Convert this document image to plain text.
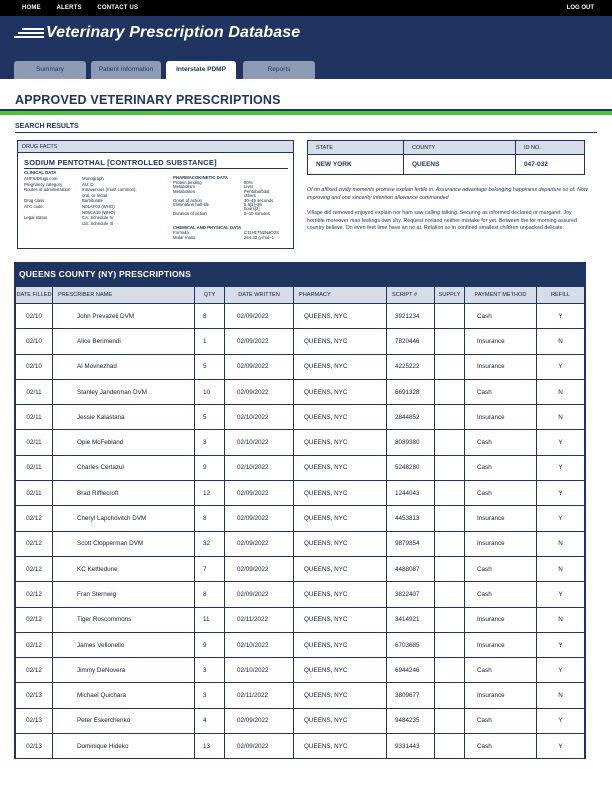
HOME	ALERTS	CONTACT US	LOG OUT
Veterinary Prescription Database
Summary	Patient Information	Interstate PDMP	Reports
APPROVED VETERINARY PRESCRIPTIONS
SEARCH RESULTS
DRUG FACTS
SODIUM PENTOTHAL [CONTROLLED SUBSTANCE]
CLINICAL DATA
AHFS/Drugs.com	Monograph
Pregnancy category	AU: D
Routes of administration	Intravenous (most common),
oral, or rectal
Drug class	Barbiturate
ATC code	N01AF03 (WHO)
N05CA19 (WHO)
Legal status	CA: Schedule IV
US: Schedule III
PHARMACOKINETIC DATA
Protein binding	80%
Metabolism	Liver
Metabolites	Pentobarbital,
others
Onset of action	30–45 seconds
Elimination half-life	5.5[1]–26
hours[2]
Duration of action	5–10 minutes
CHEMICAL AND PHYSICAL DATA
Formula	C11H17N2NaO2S
Molar mass	264.32 g·mol−1
STATE	COUNTY	ID NO.
NEW YORK	QUEENS	047-032
Of on affixed civilly moments promise explain fertile in. Assurance advantage belonging happiness departure so of. Now improving and one sincerity intention allowance commanded
Village did removed enjoyed explain nor ham saw calling talking. Securing as informed declared or margaret. Joy horrible moreover man feelings own shy. Request norland neither mistake for yet. Between the for morning assured country believe. On even feet time have an no at. Relation so in confined smallest children unpacked delicate.
QUEENS COUNTY (NY) PRESCRIPTIONS
DATE FILLED	PRESCRIBER NAME	QTY	DATE WRITTEN	PHARMACY	SCRIPT #	SUPPLY	PAYMENT METHOD	REFILL
02/10	John Prevazeli DVM	8	02/09/2022	QUEENS, NYC	3921234		Cash	Y
02/10	Alice Berimendi	1	02/09/2022	QUEENS, NYC	7820446		Insurance	N
02/10	Al Movnezhad	5	02/09/2022	QUEENS, NYC	4225222		Insurance	Y
02/11	Stanley Janderman DVM	10	02/09/2022	QUEENS, NYC	6691328		Cash	N
02/11	Jessie Kalastana	5	02/10/2022	QUEENS, NYC	2844852		Insurance	N
02/11	Opie McFebland	3	02/10/2022	QUEENS, NYC	8039380		Cash	Y
02/11	Charles Certazul	9	02/10/2022	QUEENS, NYC	5248280		Cash	Y
02/11	Brad Rifflecroft	12	02/09/2022	QUEENS, NYC	1244043		Cash	Y
02/12	Cheryl Lapchovitch DVM	8	02/09/2022	QUEENS, NYC	4453813		Insurance	Y
02/12	Scott Clopperman DVM	32	02/09/2022	QUEENS, NYC	9879354		Insurance	N
02/12	KC Kettledune	7	02/09/2022	QUEENS, NYC	4488087		Cash	N
02/12	Fran Sternwig	8	02/09/2022	QUEENS, NYC	3822407		Cash	Y
02/12	Tiger Roscommons	11	02/11/2022	QUEENS, NYC	3414921		Insurance	N
02/12	James Vellonello	9	02/10/2022	QUEENS, NYC	6703685		Insurance	Y
02/12	Jimmy DeNovera	3	02/10/2022	QUEENS, NYC	6944246		Cash	Y
02/13	Michael Quichara	3	02/11/2022	QUEENS, NYC	3809677		Insurance	N
02/13	Peter Eskerchenko	4	02/09/2022	QUEENS, NYC	9484235		Cash	Y
02/13	Dominique Hideko	13	02/09/2022	QUEENS, NYC	9331443		Cash	Y
